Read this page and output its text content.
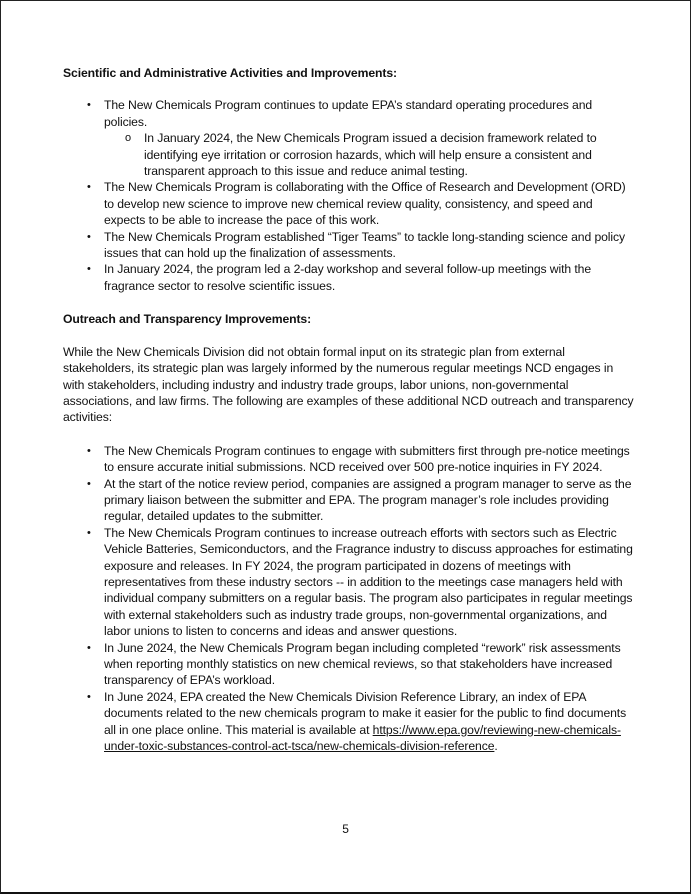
Scientific and Administrative Activities and Improvements:
• The New Chemicals Program continues to update EPA’s standard operating procedures and policies.
o In January 2024, the New Chemicals Program issued a decision framework related to identifying eye irritation or corrosion hazards, which will help ensure a consistent and transparent approach to this issue and reduce animal testing.
• The New Chemicals Program is collaborating with the Office of Research and Development (ORD) to develop new science to improve new chemical review quality, consistency, and speed and expects to be able to increase the pace of this work.
• The New Chemicals Program established “Tiger Teams” to tackle long-standing science and policy issues that can hold up the finalization of assessments.
• In January 2024, the program led a 2-day workshop and several follow-up meetings with the fragrance sector to resolve scientific issues.
Outreach and Transparency Improvements:

While the New Chemicals Division did not obtain formal input on its strategic plan from external stakeholders, its strategic plan was largely informed by the numerous regular meetings NCD engages in with stakeholders, including industry and industry trade groups, labor unions, non-governmental associations, and law firms. The following are examples of these additional NCD outreach and transparency activities:

• The New Chemicals Program continues to engage with submitters first through pre-notice meetings to ensure accurate initial submissions. NCD received over 500 pre-notice inquiries in FY 2024.
• At the start of the notice review period, companies are assigned a program manager to serve as the primary liaison between the submitter and EPA. The program manager’s role includes providing regular, detailed updates to the submitter.
• The New Chemicals Program continues to increase outreach efforts with sectors such as Electric Vehicle Batteries, Semiconductors, and the Fragrance industry to discuss approaches for estimating exposure and releases. In FY 2024, the program participated in dozens of meetings with representatives from these industry sectors -- in addition to the meetings case managers held with individual company submitters on a regular basis. The program also participates in regular meetings with external stakeholders such as industry trade groups, non-governmental organizations, and labor unions to listen to concerns and ideas and answer questions.
• In June 2024, the New Chemicals Program began including completed “rework” risk assessments when reporting monthly statistics on new chemical reviews, so that stakeholders have increased transparency of EPA’s workload.
• In June 2024, EPA created the New Chemicals Division Reference Library, an index of EPA documents related to the new chemicals program to make it easier for the public to find documents all in one place online. This material is available at https://www.epa.gov/reviewing-new-chemicals-under-toxic-substances-control-act-tsca/new-chemicals-division-reference.
5
